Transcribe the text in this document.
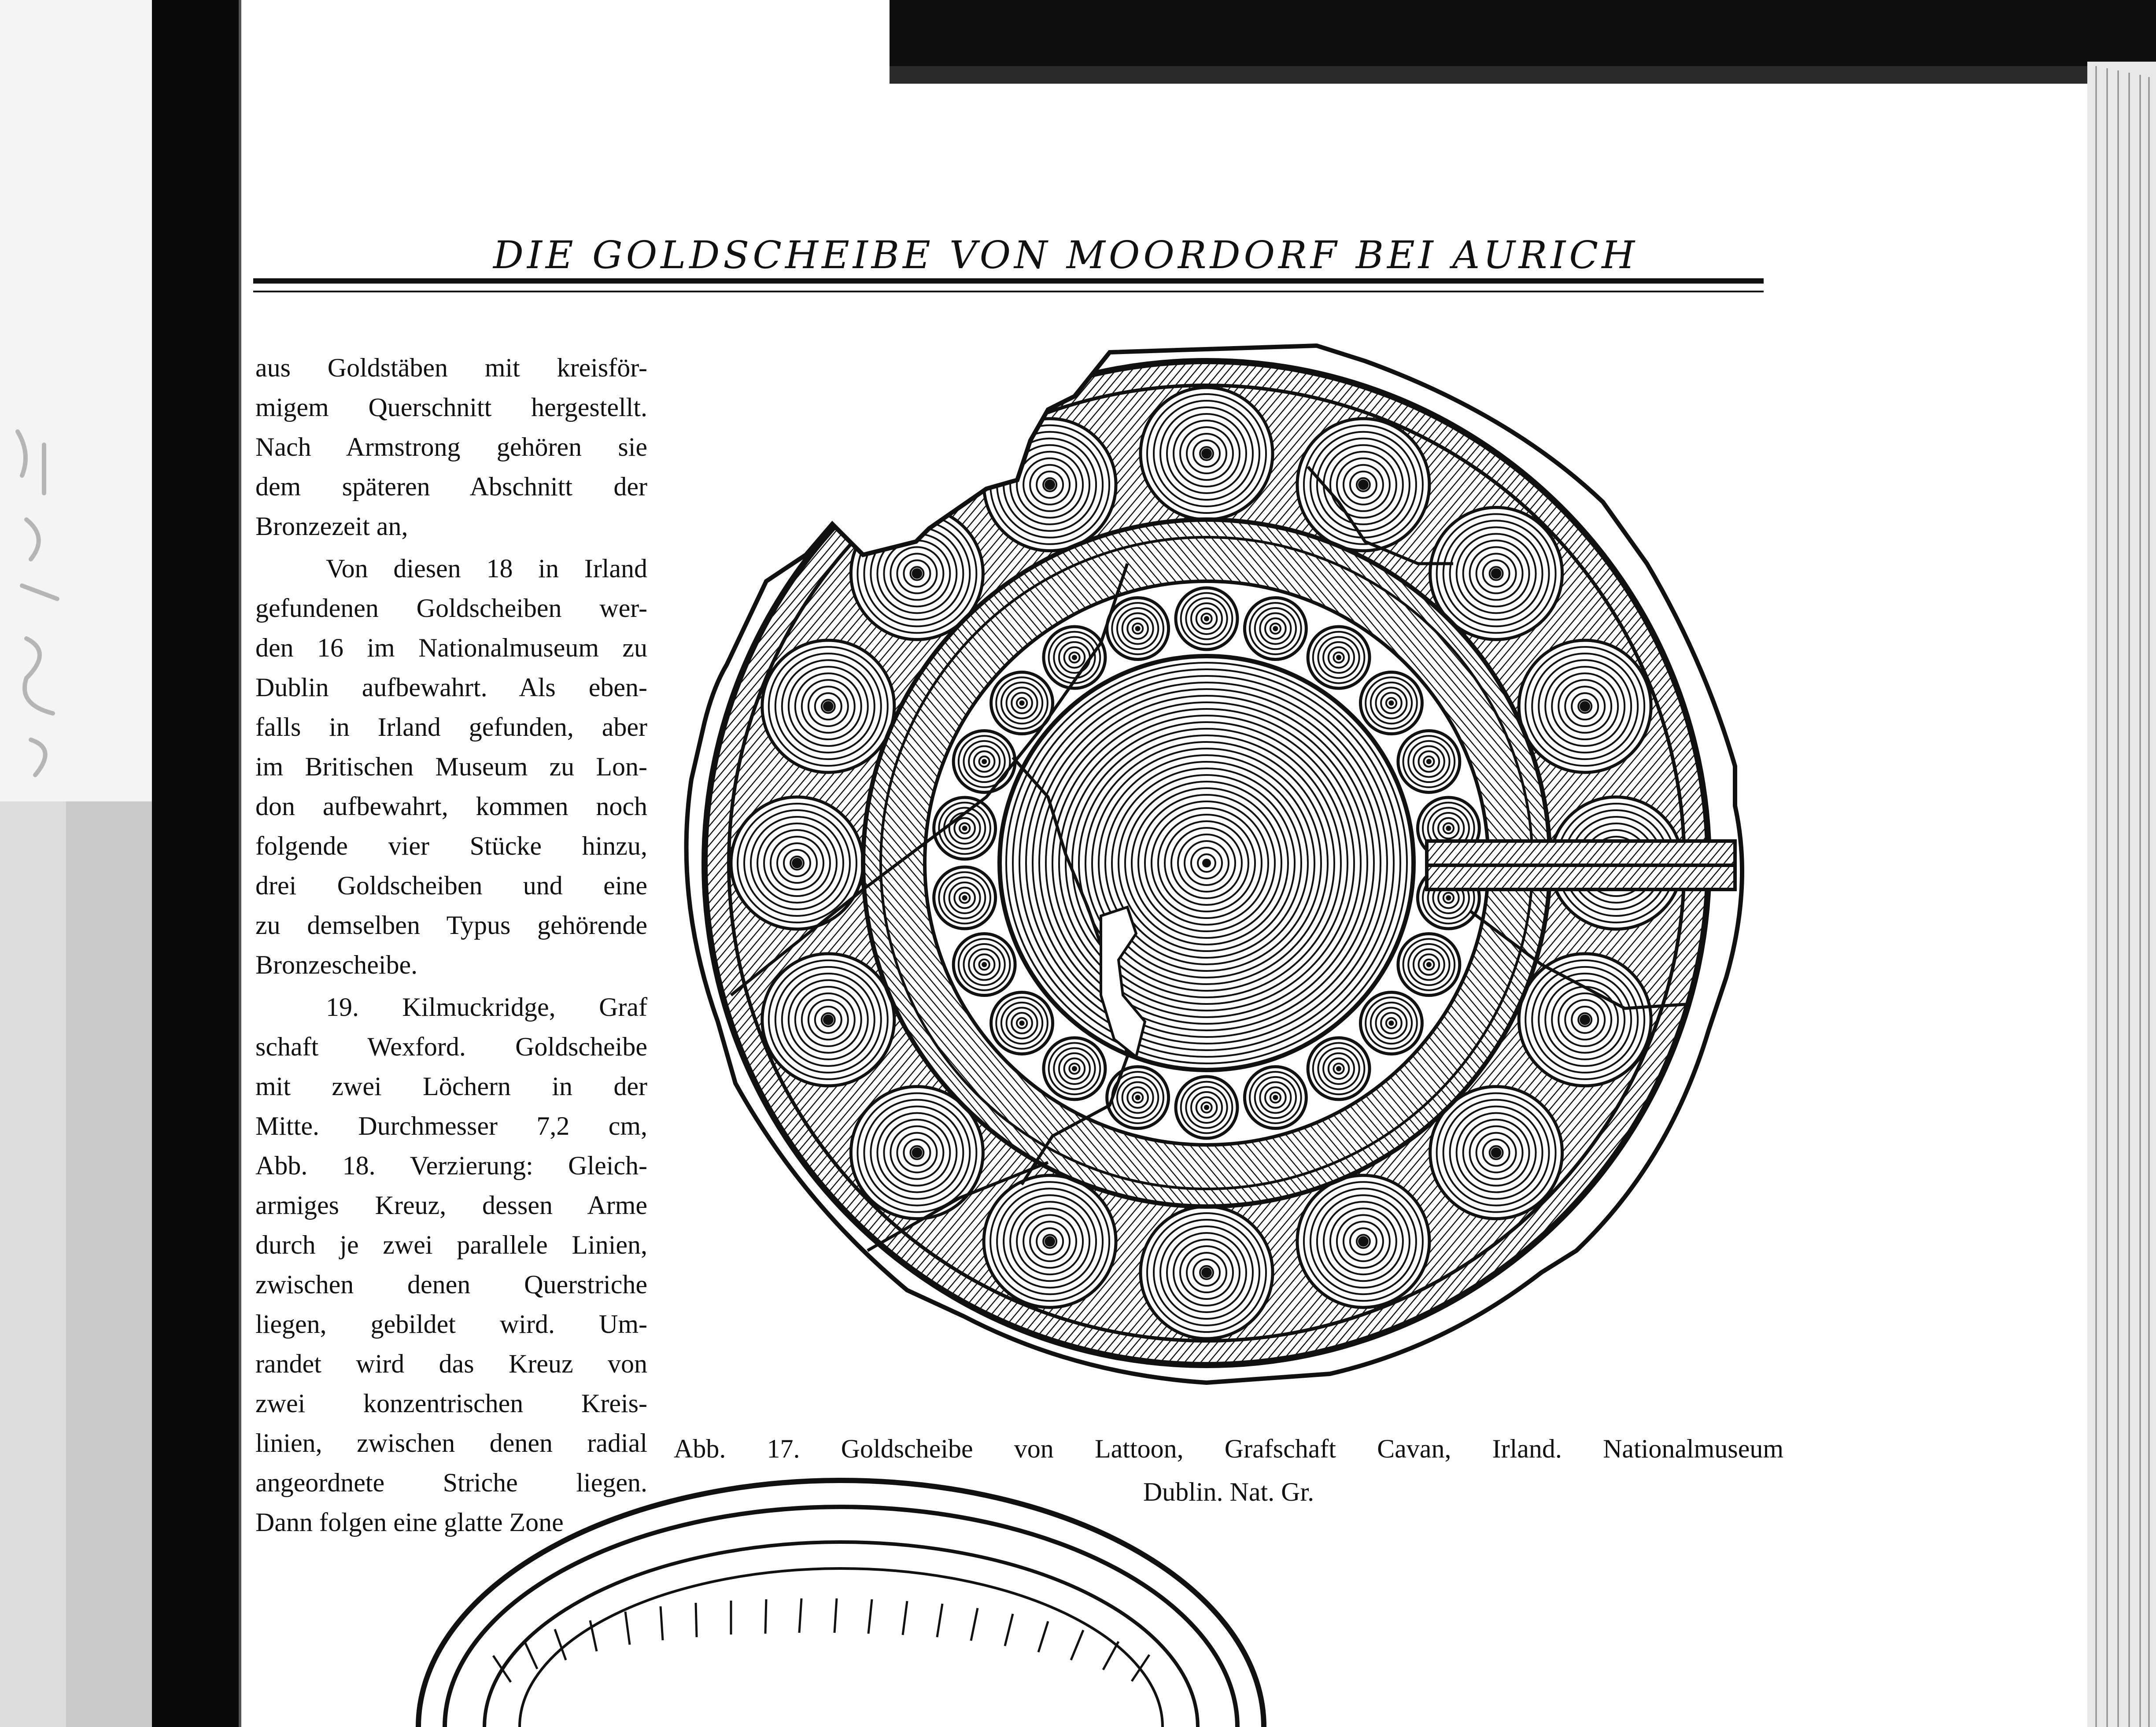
DIE GOLDSCHEIBE VON MOORDORF BEI AURICH
aus Goldstäben mit kreisför-
migem Querschnitt hergestellt.
Nach Armstrong gehören sie
dem späteren Abschnitt der
Bronzezeit an,
Von diesen 18 in Irland
gefundenen Goldscheiben wer-
den 16 im Nationalmuseum zu
Dublin aufbewahrt. Als eben-
falls in Irland gefunden, aber
im Britischen Museum zu Lon-
don aufbewahrt, kommen noch
folgende vier Stücke hinzu,
drei Goldscheiben und eine
zu demselben Typus gehörende
Bronzescheibe.
19. Kilmuckridge, Graf
schaft Wexford. Goldscheibe
mit zwei Löchern in der
Mitte. Durchmesser 7,2 cm,
Abb. 18. Verzierung: Gleich-
armiges Kreuz, dessen Arme
durch je zwei parallele Linien,
zwischen denen Querstriche
liegen, gebildet wird. Um-
randet wird das Kreuz von
zwei konzentrischen Kreis-
linien, zwischen denen radial
angeordnete Striche liegen.
Dann folgen eine glatte Zone
Abb. 17. Goldscheibe von Lattoon, Grafschaft Cavan, Irland. Nationalmuseum
Dublin. Nat. Gr.
